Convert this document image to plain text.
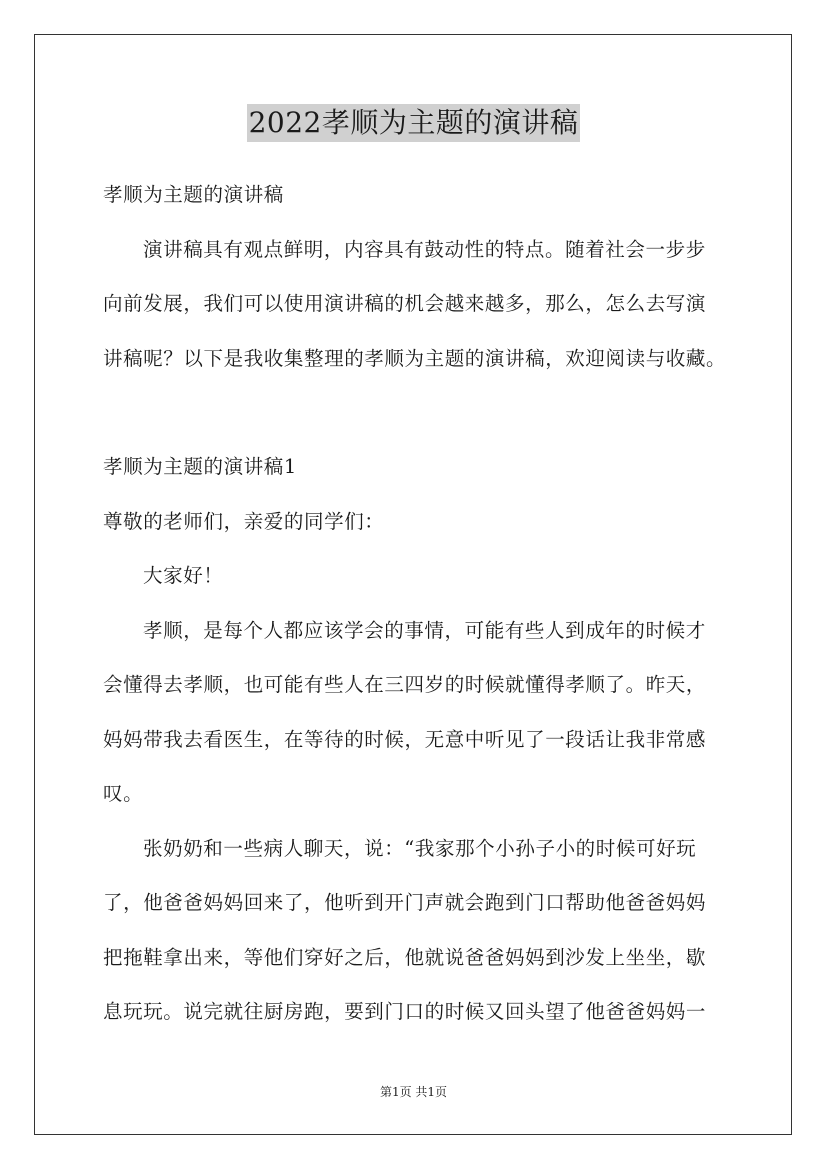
2022孝顺为主题的演讲稿

孝顺为主题的演讲稿

演讲稿具有观点鲜明，内容具有鼓动性的特点。随着社会一步步

向前发展，我们可以使用演讲稿的机会越来越多，那么，怎么去写演

讲稿呢？以下是我收集整理的孝顺为主题的演讲稿，欢迎阅读与收藏。

孝顺为主题的演讲稿1

尊敬的老师们，亲爱的同学们：

大家好！

孝顺，是每个人都应该学会的事情，可能有些人到成年的时候才

会懂得去孝顺，也可能有些人在三四岁的时候就懂得孝顺了。昨天，

妈妈带我去看医生，在等待的时候，无意中听见了一段话让我非常感

叹。

张奶奶和一些病人聊天，说：“我家那个小孙子小的时候可好玩

了，他爸爸妈妈回来了，他听到开门声就会跑到门口帮助他爸爸妈妈

把拖鞋拿出来，等他们穿好之后，他就说爸爸妈妈到沙发上坐坐，歇

息玩玩。说完就往厨房跑，要到门口的时候又回头望了他爸爸妈妈一

第1页 共1页
